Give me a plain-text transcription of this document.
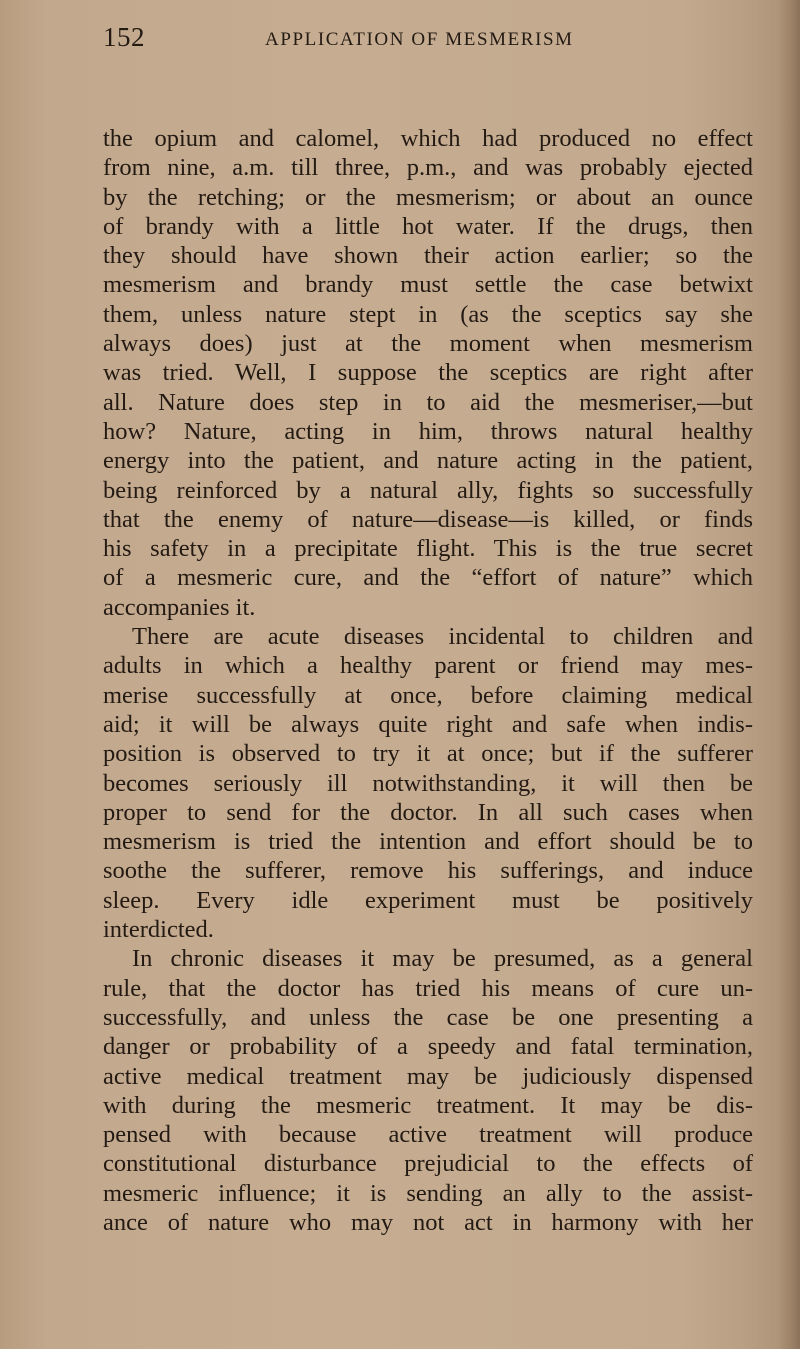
152	APPLICATION OF MESMERISM
the opium and calomel, which had produced no effect
from nine, a.m. till three, p.m., and was probably ejected
by the retching; or the mesmerism; or about an ounce
of brandy with a little hot water. If the drugs, then
they should have shown their action earlier; so the
mesmerism and brandy must settle the case betwixt
them, unless nature stept in (as the sceptics say she
always does) just at the moment when mesmerism
was tried. Well, I suppose the sceptics are right after
all. Nature does step in to aid the mesmeriser,—but
how? Nature, acting in him, throws natural healthy
energy into the patient, and nature acting in the patient,
being reinforced by a natural ally, fights so successfully
that the enemy of nature—disease—is killed, or finds
his safety in a precipitate flight. This is the true secret
of a mesmeric cure, and the “effort of nature” which
accompanies it.
There are acute diseases incidental to children and
adults in which a healthy parent or friend may mes-
merise successfully at once, before claiming medical
aid; it will be always quite right and safe when indis-
position is observed to try it at once; but if the sufferer
becomes seriously ill notwithstanding, it will then be
proper to send for the doctor. In all such cases when
mesmerism is tried the intention and effort should be to
soothe the sufferer, remove his sufferings, and induce
sleep. Every idle experiment must be positively
interdicted.
In chronic diseases it may be presumed, as a general
rule, that the doctor has tried his means of cure un-
successfully, and unless the case be one presenting a
danger or probability of a speedy and fatal termination,
active medical treatment may be judiciously dispensed
with during the mesmeric treatment. It may be dis-
pensed with because active treatment will produce
constitutional disturbance prejudicial to the effects of
mesmeric influence; it is sending an ally to the assist-
ance of nature who may not act in harmony with her
